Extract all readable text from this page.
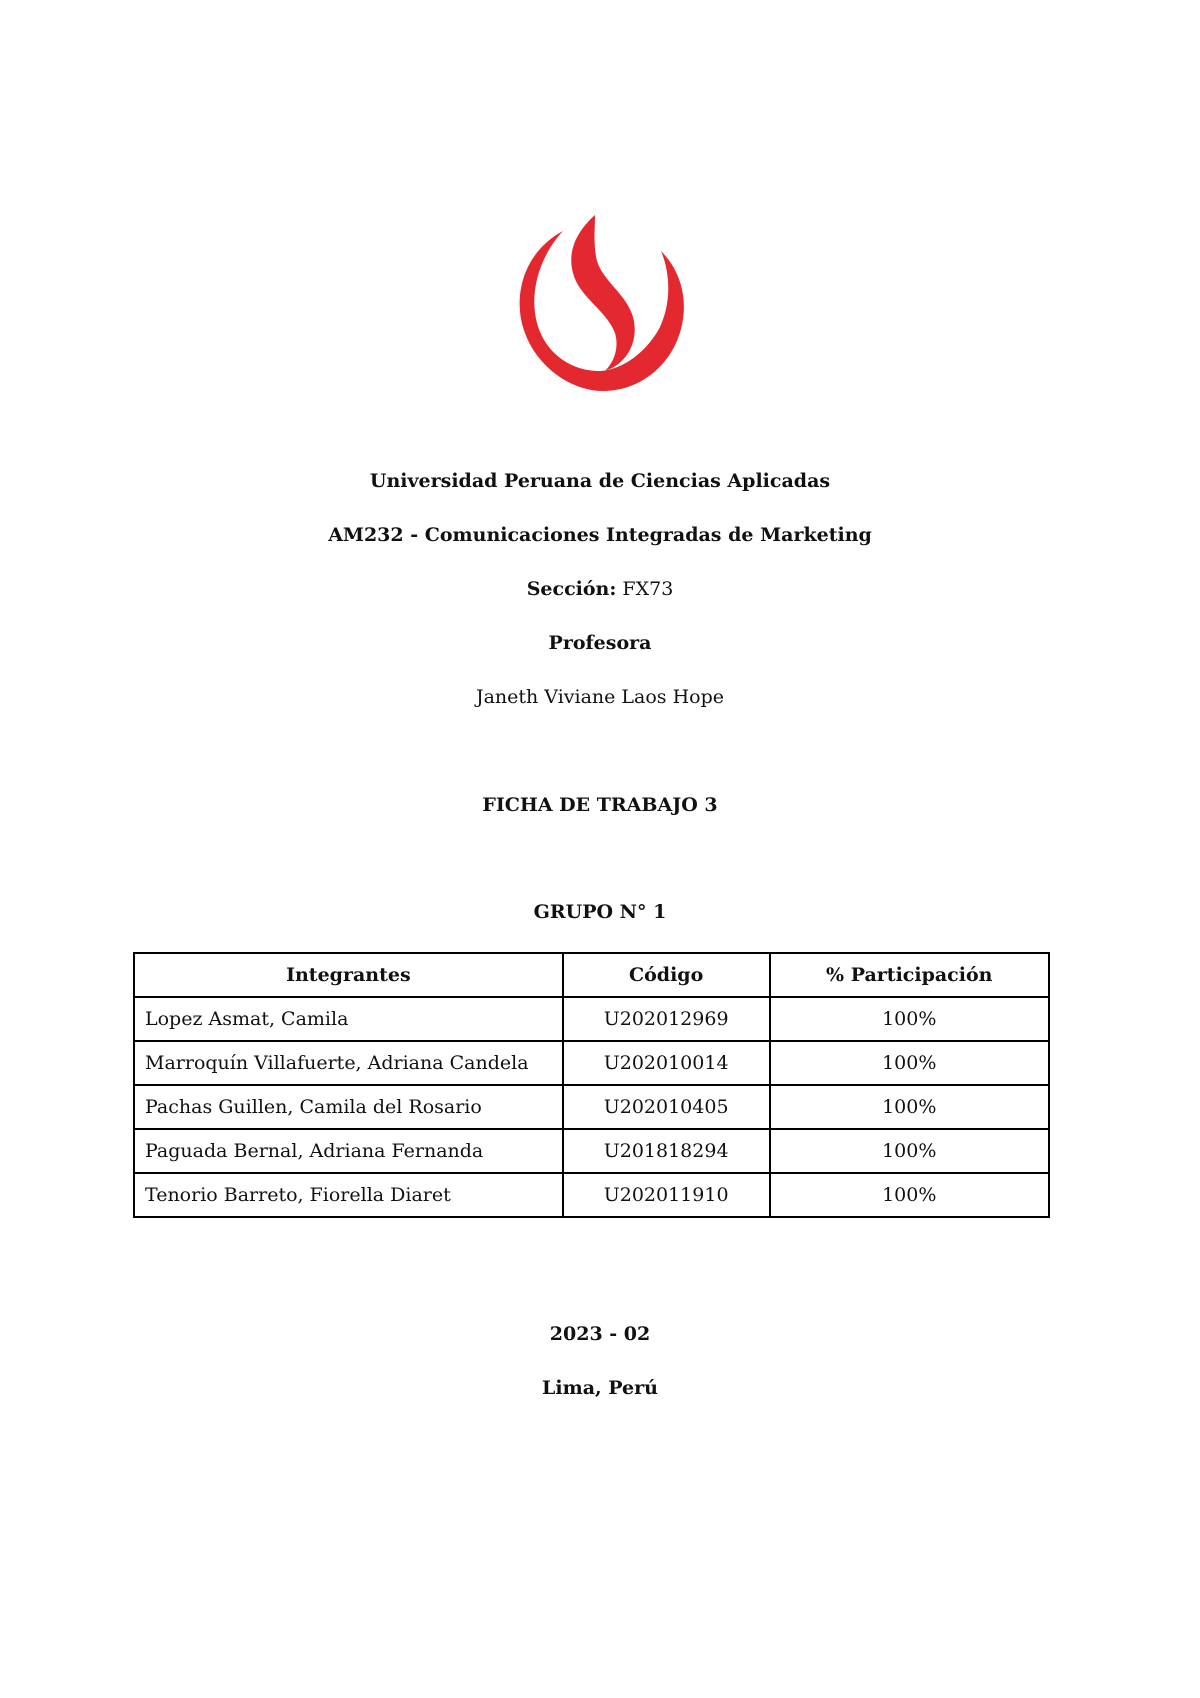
Universidad Peruana de Ciencias Aplicadas
AM232 - Comunicaciones Integradas de Marketing
Sección: FX73
Profesora
Janeth Viviane Laos Hope
FICHA DE TRABAJO 3
GRUPO N° 1
Integrantes	Código	% Participación
Lopez Asmat, Camila	U202012969	100%
Marroquín Villafuerte, Adriana Candela	U202010014	100%
Pachas Guillen, Camila del Rosario	U202010405	100%
Paguada Bernal, Adriana Fernanda	U201818294	100%
Tenorio Barreto, Fiorella Diaret	U202011910	100%
2023 - 02
Lima, Perú
